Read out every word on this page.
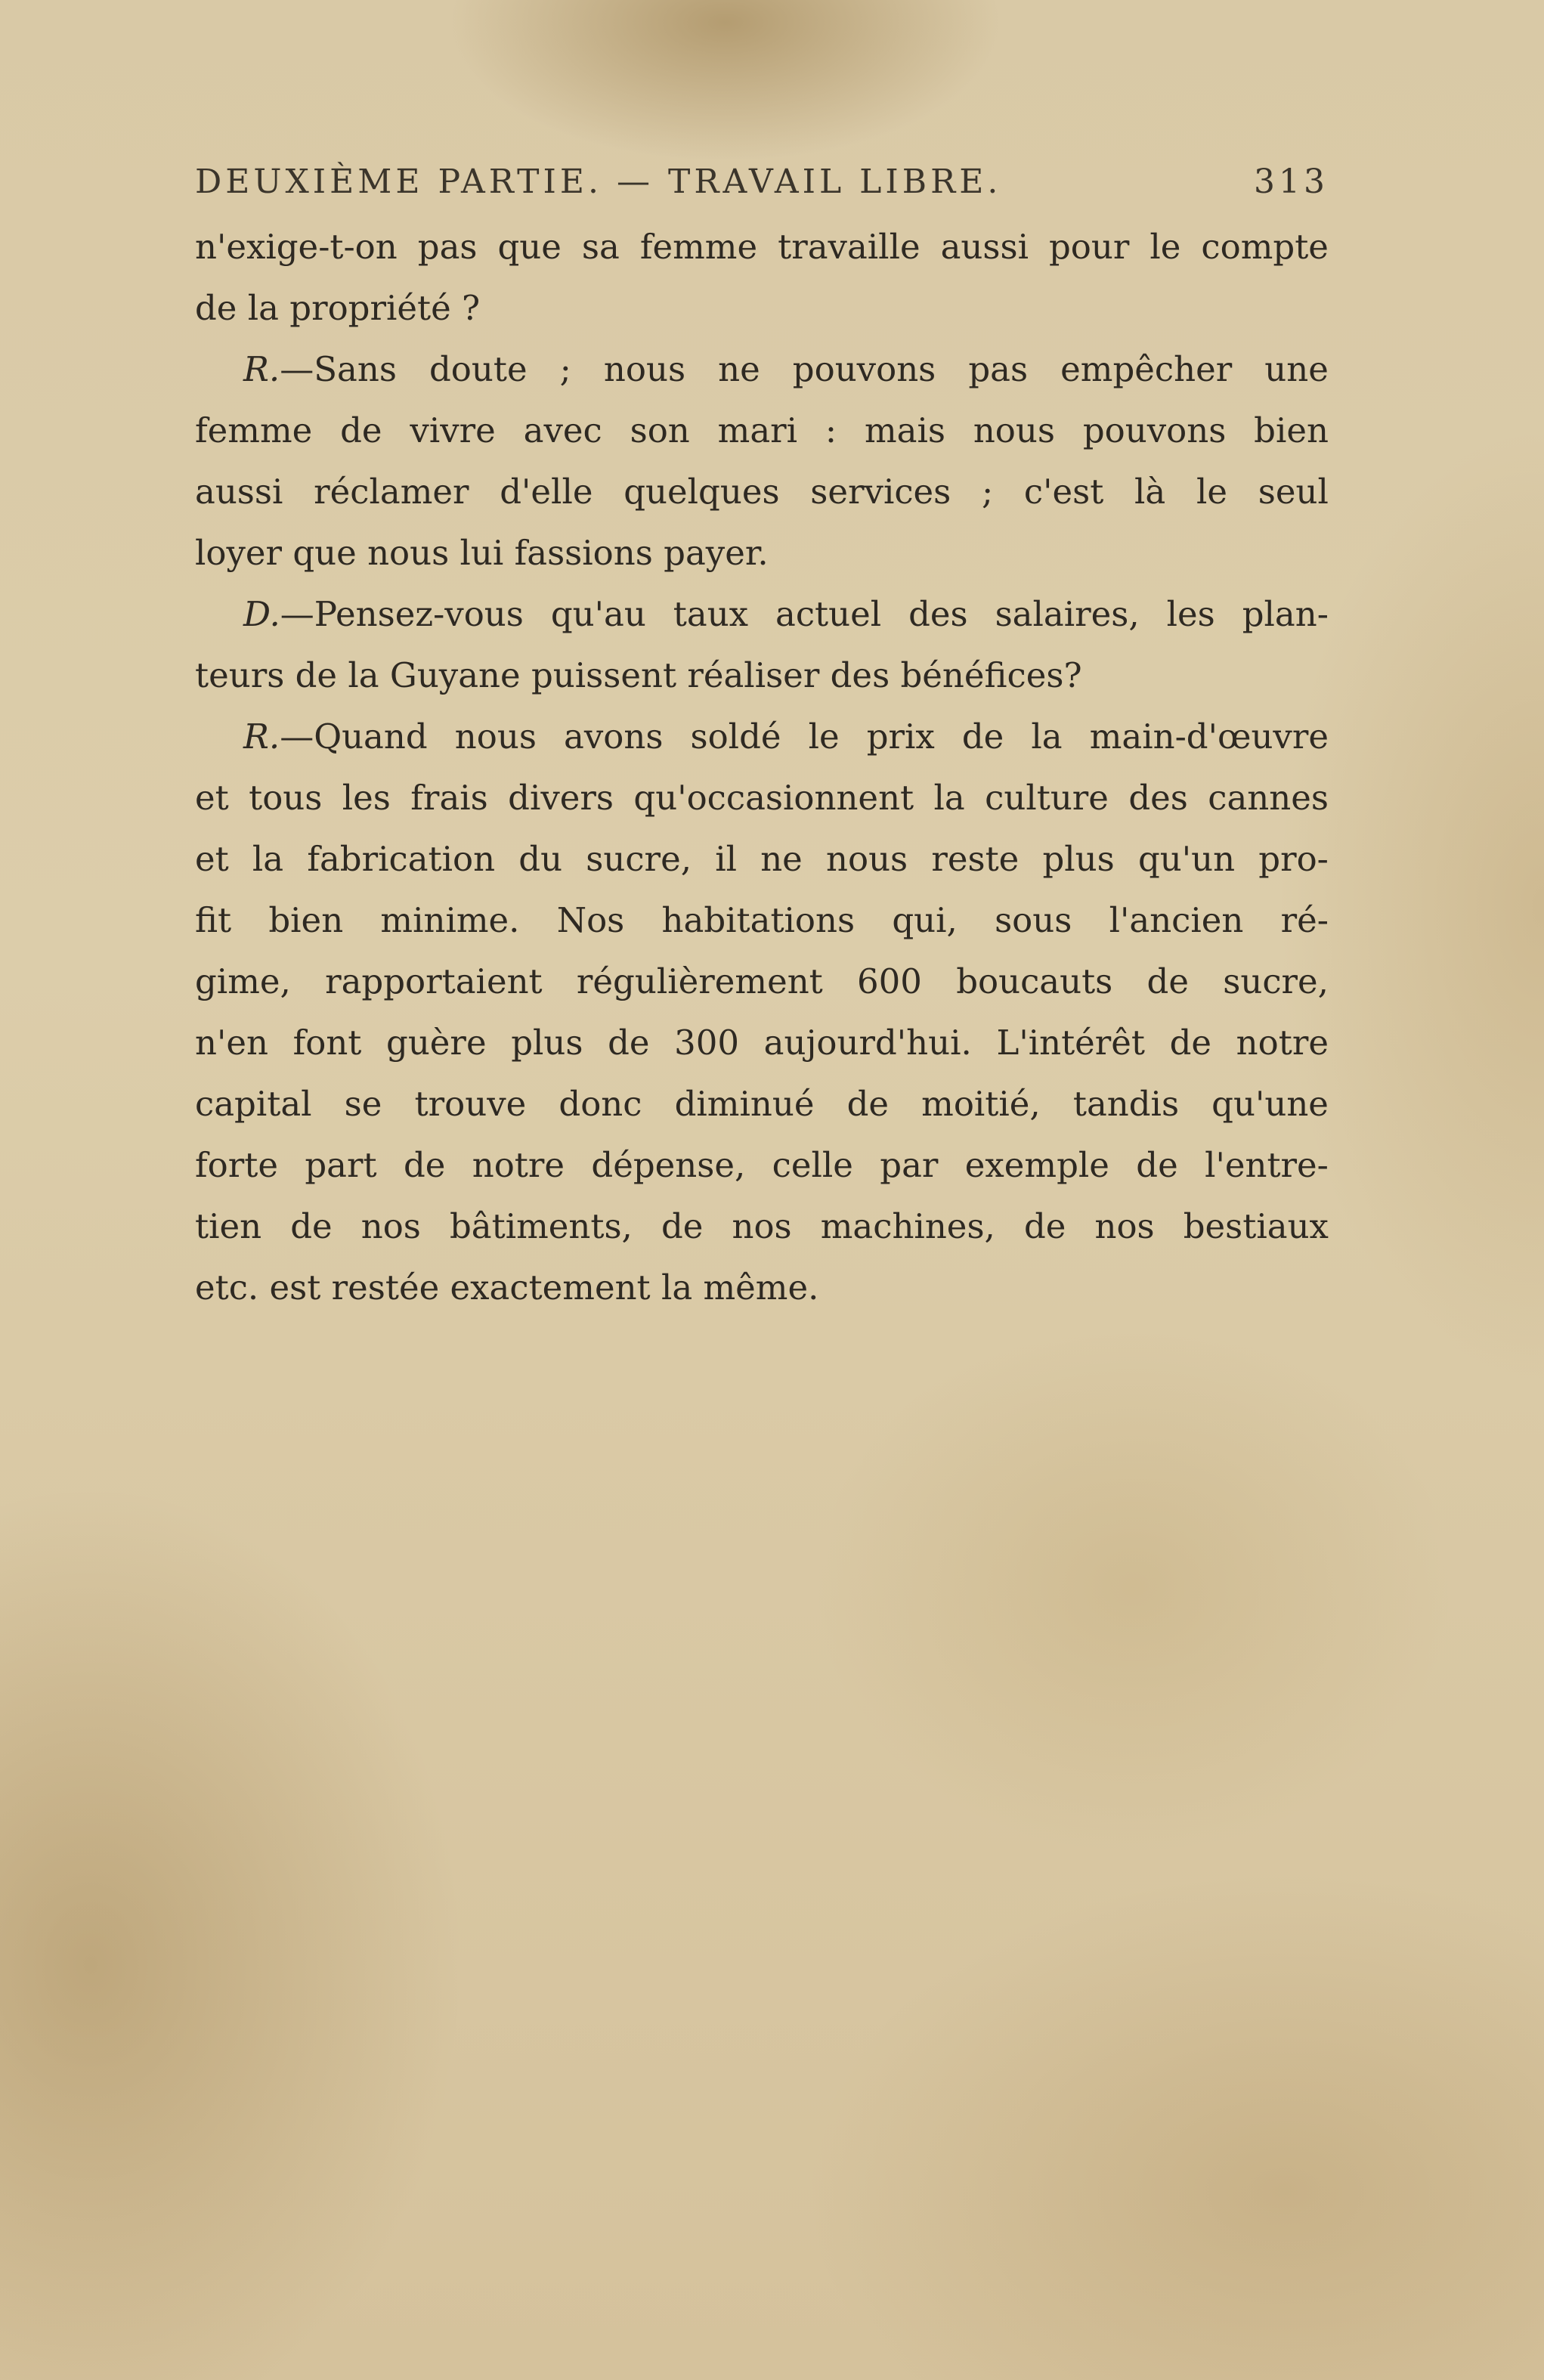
DEUXIÈME PARTIE. — TRAVAIL LIBRE.	313
n'exige-t-on pas que sa femme travaille aussi pour le compte
de la propriété ?
R.—Sans doute ; nous ne pouvons pas empêcher une
femme de vivre avec son mari : mais nous pouvons bien
aussi réclamer d'elle quelques services ; c'est là le seul
loyer que nous lui fassions payer.
D.—Pensez-vous qu'au taux actuel des salaires, les plan-
teurs de la Guyane puissent réaliser des bénéfices?
R.—Quand nous avons soldé le prix de la main-d'œuvre
et tous les frais divers qu'occasionnent la culture des cannes
et la fabrication du sucre, il ne nous reste plus qu'un pro-
fit bien minime. Nos habitations qui, sous l'ancien ré-
gime, rapportaient régulièrement 600 boucauts de sucre,
n'en font guère plus de 300 aujourd'hui. L'intérêt de notre
capital se trouve donc diminué de moitié, tandis qu'une
forte part de notre dépense, celle par exemple de l'entre-
tien de nos bâtiments, de nos machines, de nos bestiaux
etc. est restée exactement la même.
